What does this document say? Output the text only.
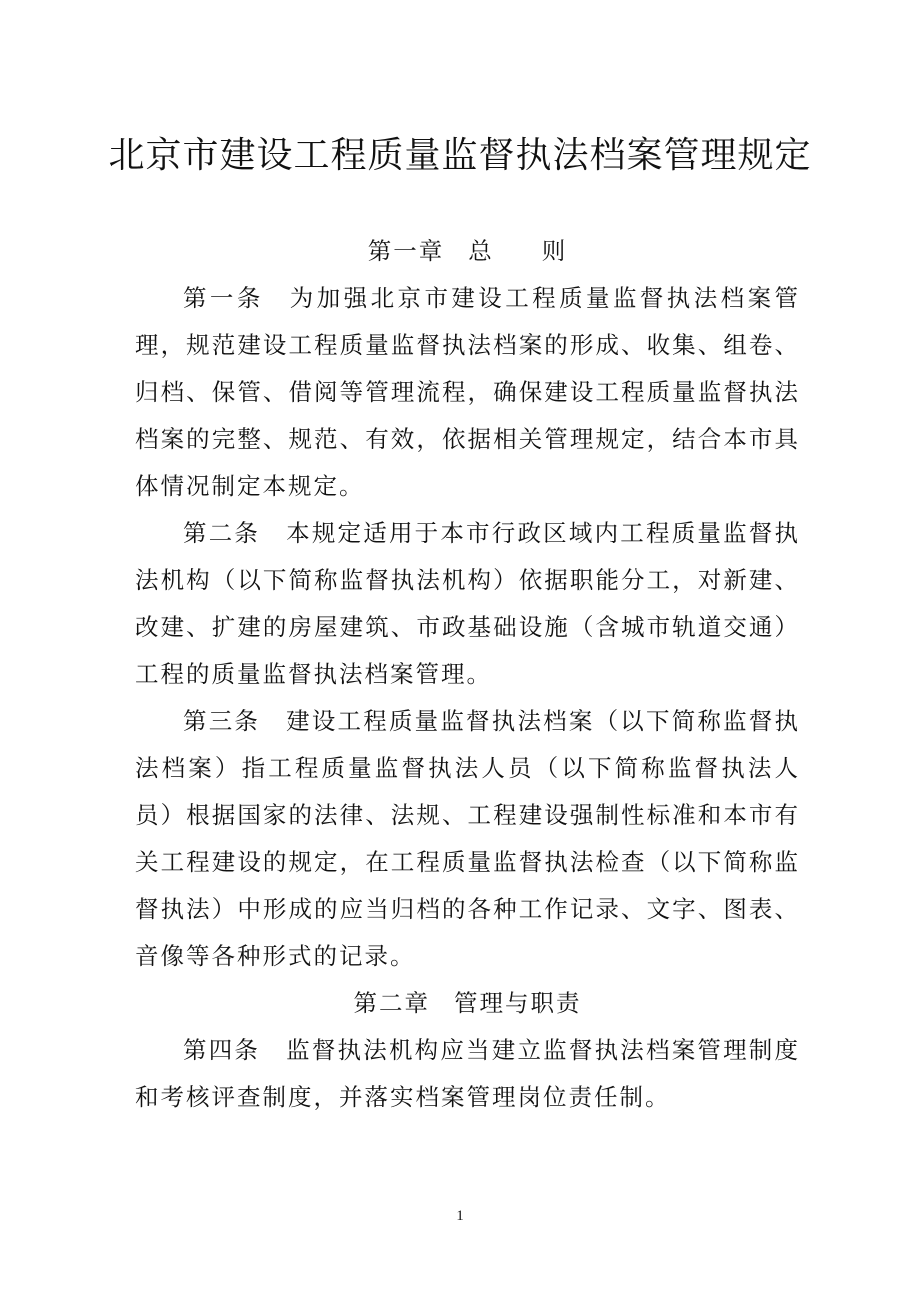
北京市建设工程质量监督执法档案管理规定
第一章 总 则

第一条 为加强北京市建设工程质量监督执法档案管理，规范建设工程质量监督执法档案的形成、收集、组卷、归档、保管、借阅等管理流程，确保建设工程质量监督执法档案的完整、规范、有效，依据相关管理规定，结合本市具体情况制定本规定。

第二条 本规定适用于本市行政区域内工程质量监督执法机构（以下简称监督执法机构）依据职能分工，对新建、改建、扩建的房屋建筑、市政基础设施（含城市轨道交通）工程的质量监督执法档案管理。

第三条 建设工程质量监督执法档案（以下简称监督执法档案）指工程质量监督执法人员（以下简称监督执法人员）根据国家的法律、法规、工程建设强制性标准和本市有关工程建设的规定，在工程质量监督执法检查（以下简称监督执法）中形成的应当归档的各种工作记录、文字、图表、音像等各种形式的记录。

第二章 管理与职责

第四条 监督执法机构应当建立监督执法档案管理制度和考核评查制度，并落实档案管理岗位责任制。

1
